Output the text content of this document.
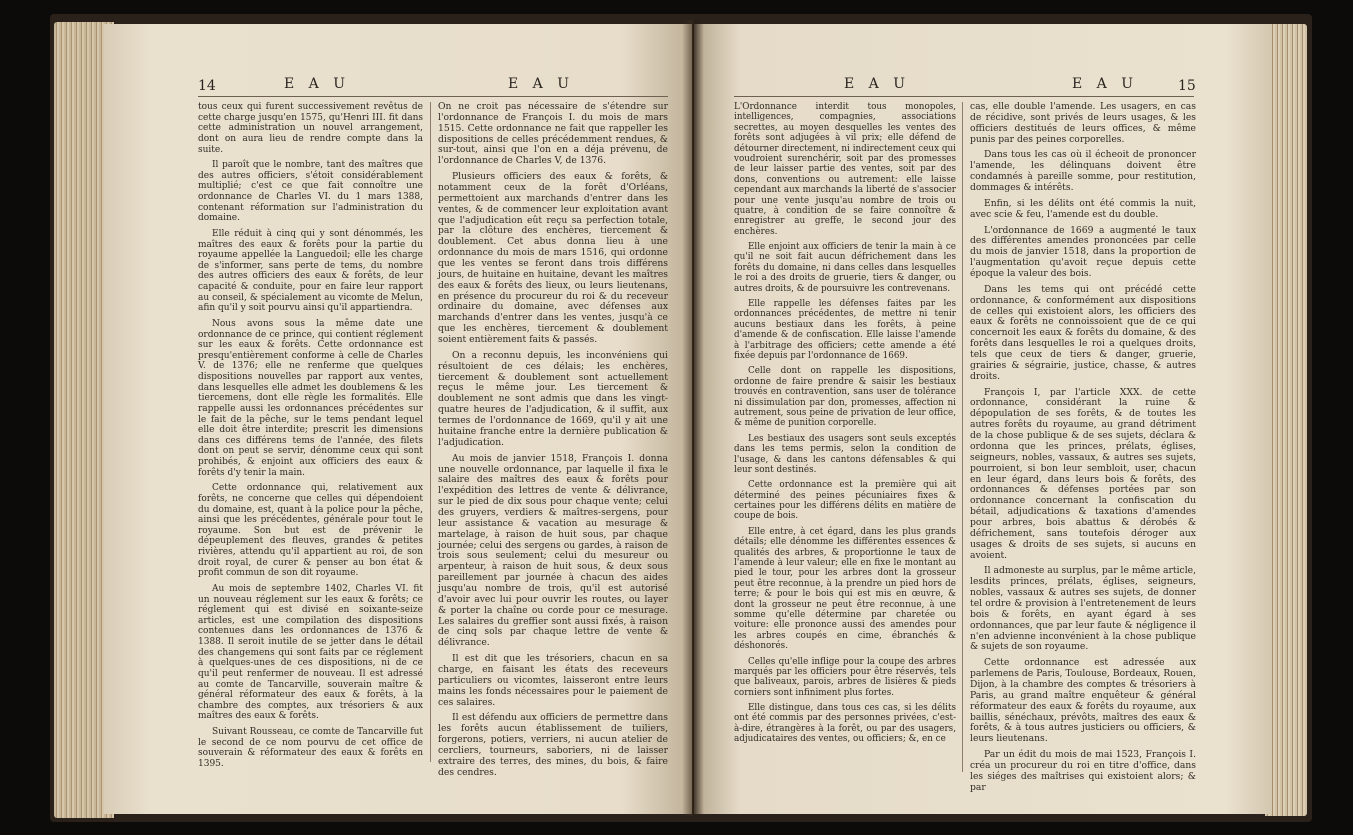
14	E A U	E A U

tous ceux qui furent successivement revêtus de cette charge jusqu'en 1575, qu'Henri III. fit dans cette administration un nouvel arrangement, dont on aura lieu de rendre compte dans la suite.

Il paroît que le nombre, tant des maîtres que des autres officiers, s'étoit considérablement multiplié; c'est ce que fait connoître une ordonnance de Charles VI. du 1 mars 1388, contenant réformation sur l'administration du domaine.

Elle réduit à cinq qui y sont dénommés, les maîtres des eaux & forêts pour la partie du royaume appellée la Languedoil; elle les charge de s'informer, sans perte de tems, du nombre des autres officiers des eaux & forêts, de leur capacité & conduite, pour en faire leur rapport au conseil, & spécialement au vicomte de Melun, afin qu'il y soit pourvu ainsi qu'il appartiendra.

Nous avons sous la même date une ordonnance de ce prince, qui contient réglement sur les eaux & forêts. Cette ordonnance est presqu'entièrement conforme à celle de Charles V. de 1376; elle ne renferme que quelques dispositions nouvelles par rapport aux ventes, dans lesquelles elle admet les doublemens & les tiercemens, dont elle règle les formalités. Elle rappelle aussi les ordonnances précédentes sur le fait de la pêche, sur le tems pendant lequel elle doit être interdite; prescrit les dimensions dans ces différens tems de l'année, des filets dont on peut se servir, dénomme ceux qui sont prohibés, & enjoint aux officiers des eaux & forêts d'y tenir la main.

Cette ordonnance qui, relativement aux forêts, ne concerne que celles qui dépendoient du domaine, est, quant à la police pour la pêche, ainsi que les précédentes, générale pour tout le royaume. Son but est de prévenir le dépeuplement des fleuves, grandes & petites rivières, attendu qu'il appartient au roi, de son droit royal, de curer & penser au bon état & profit commun de son dit royaume.

Au mois de septembre 1402, Charles VI. fit un nouveau réglement sur les eaux & forêts; ce réglement qui est divisé en soixante-seize articles, est une compilation des dispositions contenues dans les ordonnances de 1376 & 1388. Il seroit inutile de se jetter dans le détail des changemens qui sont faits par ce réglement à quelques-unes de ces dispositions, ni de ce qu'il peut renfermer de nouveau. Il est adressé au comte de Tancarville, souverain maître & général réformateur des eaux & forêts, à la chambre des comptes, aux trésoriers & aux maîtres des eaux & forêts.

Suivant Rousseau, ce comte de Tancarville fut le second de ce nom pourvu de cet office de souverain & réformateur des eaux & forêts en 1395.

On ne croit pas nécessaire de s'étendre sur l'ordonnance de François I. du mois de mars 1515. Cette ordonnance ne fait que rappeller les dispositions de celles précédemment rendues, & sur-tout, ainsi que l'on en a déja prévenu, de l'ordonnance de Charles V, de 1376.

Plusieurs officiers des eaux & forêts, & notamment ceux de la forêt d'Orléans, permettoient aux marchands d'entrer dans les ventes, & de commencer leur exploitation avant que l'adjudication eût reçu sa perfection totale, par la clôture des enchères, tiercement & doublement. Cet abus donna lieu à une ordonnance du mois de mars 1516, qui ordonne que les ventes se feront dans trois différens jours, de huitaine en huitaine, devant les maîtres des eaux & forêts des lieux, ou leurs lieutenans, en présence du procureur du roi & du receveur ordinaire du domaine, avec défenses aux marchands d'entrer dans les ventes, jusqu'à ce que les enchères, tiercement & doublement soient entièrement faits & passés.

On a reconnu depuis, les inconvéniens qui résultoient de ces délais; les enchères, tiercement & doublement sont actuellement reçus le même jour. Les tiercement & doublement ne sont admis que dans les vingt-quatre heures de l'adjudication, & il suffit, aux termes de l'ordonnance de 1669, qu'il y ait une huitaine franche entre la dernière publication & l'adjudication.

Au mois de janvier 1518, François I. donna une nouvelle ordonnance, par laquelle il fixa le salaire des maîtres des eaux & forêts pour l'expédition des lettres de vente & délivrance, sur le pied de dix sous pour chaque vente; celui des gruyers, verdiers & maîtres-sergens, pour leur assistance & vacation au mesurage & martelage, à raison de huit sous, par chaque journée; celui des sergens ou gardes, à raison de trois sous seulement; celui du mesureur ou arpenteur, à raison de huit sous, & deux sous pareillement par journée à chacun des aides jusqu'au nombre de trois, qu'il est autorisé d'avoir avec lui pour ouvrir les routes, ou layer & porter la chaîne ou corde pour ce mesurage. Les salaires du greffier sont aussi fixés, à raison de cinq sols par chaque lettre de vente & délivrance.

Il est dit que les trésoriers, chacun en sa charge, en faisant les états des receveurs particuliers ou vicomtes, laisseront entre leurs mains les fonds nécessaires pour le paiement de ces salaires.

Il est défendu aux officiers de permettre dans les forêts aucun établissement de tuiliers, forgerons, potiers, verriers, ni aucun atelier de cercliers, tourneurs, saboriers, ni de laisser extraire des terres, des mines, du bois, & faire des cendres.

E A U	E A U	15

L'Ordonnance interdit tous monopoles, intelligences, compagnies, associations secrettes, au moyen desquelles les ventes des forêts sont adjugées à vil prix; elle défend de détourner directement, ni indirectement ceux qui voudroient surenchérir, soit par des promesses de leur laisser partie des ventes, soit par des dons, conventions ou autrement: elle laisse cependant aux marchands la liberté de s'associer pour une vente jusqu'au nombre de trois ou quatre, à condition de se faire connoître & enregistrer au greffe, le second jour des enchères.

Elle enjoint aux officiers de tenir la main à ce qu'il ne soit fait aucun défrichement dans les forêts du domaine, ni dans celles dans lesquelles le roi a des droits de gruerie, tiers & danger, ou autres droits, & de poursuivre les contrevenans.

Elle rappelle les défenses faites par les ordonnances précédentes, de mettre ni tenir aucuns bestiaux dans les forêts, à peine d'amende & de confiscation. Elle laisse l'amende à l'arbitrage des officiers; cette amende a été fixée depuis par l'ordonnance de 1669.

Celle dont on rappelle les dispositions, ordonne de faire prendre & saisir les bestiaux trouvés en contravention, sans user de tolérance ni dissimulation par don, promesses, affection ni autrement, sous peine de privation de leur office, & même de punition corporelle.

Les bestiaux des usagers sont seuls exceptés dans les tems permis, selon la condition de l'usage, & dans les cantons défensables & qui leur sont destinés.

Cette ordonnance est la première qui ait déterminé des peines pécuniaires fixes & certaines pour les différens délits en matière de coupe de bois.

Elle entre, à cet égard, dans les plus grands détails; elle dénomme les différentes essences & qualités des arbres, & proportionne le taux de l'amende à leur valeur; elle en fixe le montant au pied le tour, pour les arbres dont la grosseur peut être reconnue, à la prendre un pied hors de terre; & pour le bois qui est mis en œuvre, & dont la grosseur ne peut être reconnue, à une somme qu'elle détermine par charetée ou voiture: elle prononce aussi des amendes pour les arbres coupés en cime, ébranchés & déshonorés.

Celles qu'elle inflige pour la coupe des arbres marqués par les officiers pour être réservés, tels que baliveaux, parois, arbres de lisières & pieds corniers sont infiniment plus fortes.

Elle distingue, dans tous ces cas, si les délits ont été commis par des personnes privées, c'est-à-dire, étrangères à la forêt, ou par des usagers, adjudicataires des ventes, ou officiers; &, en ce

cas, elle double l'amende. Les usagers, en cas de récidive, sont privés de leurs usages, & les officiers destitués de leurs offices, & même punis par des peines corporelles.

Dans tous les cas où il écheoit de prononcer l'amende, les délinquans doivent être condamnés à pareille somme, pour restitution, dommages & intérêts.

Enfin, si les délits ont été commis la nuit, avec scie & feu, l'amende est du double.

L'ordonnance de 1669 a augmenté le taux des différentes amendes prononcées par celle du mois de janvier 1518, dans la proportion de l'augmentation qu'avoit reçue depuis cette époque la valeur des bois.

Dans les tems qui ont précédé cette ordonnance, & conformément aux dispositions de celles qui existoient alors, les officiers des eaux & forêts ne connoissoient que de ce qui concernoit les eaux & forêts du domaine, & des forêts dans lesquelles le roi a quelques droits, tels que ceux de tiers & danger, gruerie, grairies & ségrairie, justice, chasse, & autres droits.

François I, par l'article XXX. de cette ordonnance, considérant la ruine & dépopulation de ses forêts, & de toutes les autres forêts du royaume, au grand détriment de la chose publique & de ses sujets, déclara & ordonna que les princes, prélats, églises, seigneurs, nobles, vassaux, & autres ses sujets, pourroient, si bon leur sembloit, user, chacun en leur égard, dans leurs bois & forêts, des ordonnances & défenses portées par son ordonnance concernant la confiscation du bétail, adjudications & taxations d'amendes pour arbres, bois abattus & dérobés & défrichement, sans toutefois déroger aux usages & droits de ses sujets, si aucuns en avoient.

Il admoneste au surplus, par le même article, lesdits princes, prélats, églises, seigneurs, nobles, vassaux & autres ses sujets, de donner tel ordre & provision à l'entretenement de leurs bois & forêts, en ayant égard à ses ordonnances, que par leur faute & négligence il n'en advienne inconvénient à la chose publique & sujets de son royaume.

Cette ordonnance est adressée aux parlemens de Paris, Toulouse, Bordeaux, Rouen, Dijon, à la chambre des comptes & trésoriers à Paris, au grand maître enquêteur & général réformateur des eaux & forêts du royaume, aux baillis, sénéchaux, prévôts, maîtres des eaux & forêts, & à tous autres justiciers ou officiers, & leurs lieutenans.

Par un édit du mois de mai 1523, François I. créa un procureur du roi en titre d'office, dans les siéges des maîtrises qui existoient alors; & par
